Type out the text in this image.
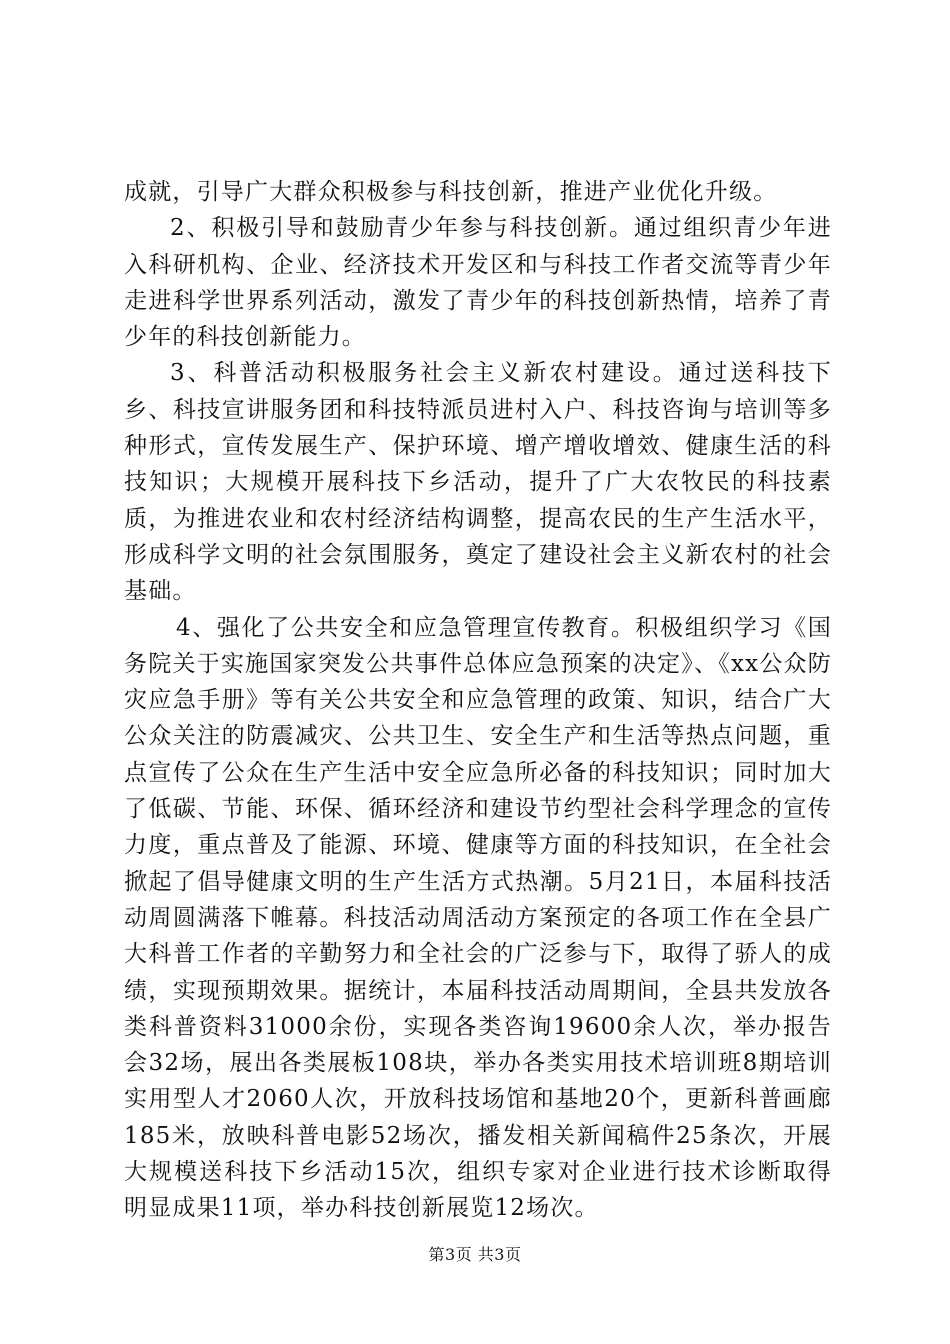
成就，引导广大群众积极参与科技创新，推进产业优化升级。

2、积极引导和鼓励青少年参与科技创新。通过组织青少年进入科研机构、企业、经济技术开发区和与科技工作者交流等青少年走进科学世界系列活动，激发了青少年的科技创新热情，培养了青少年的科技创新能力。

3、科普活动积极服务社会主义新农村建设。通过送科技下乡、科技宣讲服务团和科技特派员进村入户、科技咨询与培训等多种形式，宣传发展生产、保护环境、增产增收增效、健康生活的科技知识；大规模开展科技下乡活动，提升了广大农牧民的科技素质，为推进农业和农村经济结构调整，提高农民的生产生活水平，形成科学文明的社会氛围服务，奠定了建设社会主义新农村的社会基础。

4、强化了公共安全和应急管理宣传教育。积极组织学习《国务院关于实施国家突发公共事件总体应急预案的决定》、《xx公众防灾应急手册》等有关公共安全和应急管理的政策、知识，结合广大公众关注的防震减灾、公共卫生、安全生产和生活等热点问题，重点宣传了公众在生产生活中安全应急所必备的科技知识；同时加大了低碳、节能、环保、循环经济和建设节约型社会科学理念的宣传力度，重点普及了能源、环境、健康等方面的科技知识，在全社会掀起了倡导健康文明的生产生活方式热潮。5月21日，本届科技活动周圆满落下帷幕。科技活动周活动方案预定的各项工作在全县广大科普工作者的辛勤努力和全社会的广泛参与下，取得了骄人的成绩，实现预期效果。据统计，本届科技活动周期间，全县共发放各类科普资料31000余份，实现各类咨询19600余人次，举办报告会32场，展出各类展板108块，举办各类实用技术培训班8期培训实用型人才2060人次，开放科技场馆和基地20个，更新科普画廊185米，放映科普电影52场次，播发相关新闻稿件25条次，开展大规模送科技下乡活动15次，组织专家对企业进行技术诊断取得明显成果11项，举办科技创新展览12场次。

第3页 共3页
